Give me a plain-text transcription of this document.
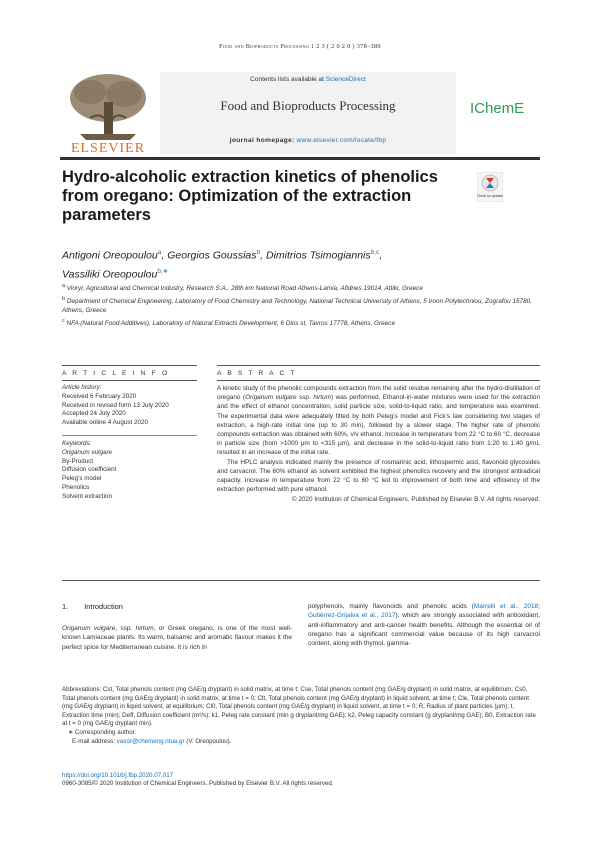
Food and Bioproducts Processing 1 2 3 ( 2 0 2 0 ) 378–389
ELSEVIER
Contents lists available at ScienceDirect
Food and Bioproducts Processing
journal homepage: www.elsevier.com/locate/fbp
IChemE
Hydro-alcoholic extraction kinetics of phenolics from oregano: Optimization of the extraction parameters
Check for updates
Antigoni Oreopoulou$^a$, Georgios Goussias$^b$, Dimitrios Tsimogiannis$^{b,c}$,
Vassiliki Oreopoulou$^{b,∗}$

$^a$ Vioryl, Agricultural and Chemical Industry, Research S.A., 28th km National Road Athens-Lamia, Afidnes 19014, Attiki, Greece

$^b$ Department of Chemical Engineering, Laboratory of Food Chemistry and Technology, National Technical University of Athens, 5 Iroon Polytechniou, Zografou 15780, Athens, Greece

$^c$ NFA (Natural Food Additives), Laboratory of Natural Extracts Development, 6 Dios st, Tavros 17778, Athens, Greece

A R T I C L E I N F O	A B S T R A C T
Article history:
Received 6 February 2020
Received in revised form 13 July 2020
Accepted 24 July 2020
Available online 4 August 2020
Keywords:
Origanum vulgare
By-Product
Diffusion coefficient
Peleg’s model
Phenolics
Solvent extraction

A kinetic study of the phenolic compounds extraction from the solid residue remaining after the hydro-distillation of oregano (Origanum vulgare ssp. hirtum) was performed. Ethanol-in-water mixtures were used for the extraction and the effect of ethanol concentration, solid particle size, solid-to-liquid ratio, and temperature was examined. The experimental data were adequately fitted by both Peleg’s model and Fick’s law considering two stages of extraction, a high-rate initial one (up to 30 min), followed by a slower stage. The higher rate of phenolic compounds extraction was obtained with 60%, v/v ethanol. Increase in temperature from 22 °C to 60 °C, decrease in particle size (from >1000 μm to <315 μm), and decrease in the solid-to-liquid ratio from 1:20 to 1:40 g/mL resulted in an increase of the initial rate.

The HPLC analysis indicated mainly the presence of rosmarinic acid, lithospermic acid, flavonoid glycosides and carvacrol. The 60% ethanol as solvent exhibited the highest phenolics recovery and the strongest antiradical capacity. Increase in temperature from 22 °C to 60 °C led to improvement of both time and efficiency of the extraction performed with pure ethanol.

© 2020 Institution of Chemical Engineers. Published by Elsevier B.V. All rights reserved.

1. Introduction
Origanum vulgare, ssp. hirtum, or Greek oregano, is one of the most well-known Lamiaceae plants. Its warm, balsamic and aromatic flavour makes it the perfect spice for Mediterranean cuisine. It is rich in
polyphenols, mainly flavonoids and phenolic acids (Marrelli et al., 2018; Gutiérrez-Grijalva et al., 2017), which are strongly associated with antioxidant, anti-inflammatory and anti-cancer health benefits. Although the essential oil of oregano has a significant commercial value because of its high carvacrol content, along with thymol, gamma-

Abbreviations: Cst, Total phenols content (mg GAE/g dryplant) in solid matrix, at time t; Cse, Total phenols content (mg GAE/g dryplant) in solid matrix, at equilibrium; Cs0, Total phenols content (mg GAE/g dryplant) in solid matrix, at time t = 0; Clt, Total phenols content (mg GAE/g dryplant) in liquid solvent, at time t; Cle, Total phenols content (mg GAE/g dryplant) in liquid solvent, at equilibrium; Cl0, Total phenols content (mg GAE/g dryplant) in liquid solvent, at time t = 0; R, Radius of plant particles (μm); t, Extraction time (min); Deff, Diffusion coefficient (m²/s); k1, Peleg rate constant (min g dryplant/mg GAE); k2, Peleg capacity constant (g dryplant/mg GAE); B0, Extraction rate at t = 0 (mg GAE/g dryplant min).

∗ Corresponding author.

E-mail address: vasor@chemeng.ntua.gr (V. Oreopoulou).

https://doi.org/10.1016/j.fbp.2020.07.017

0960-3085/© 2020 Institution of Chemical Engineers. Published by Elsevier B.V. All rights reserved.
